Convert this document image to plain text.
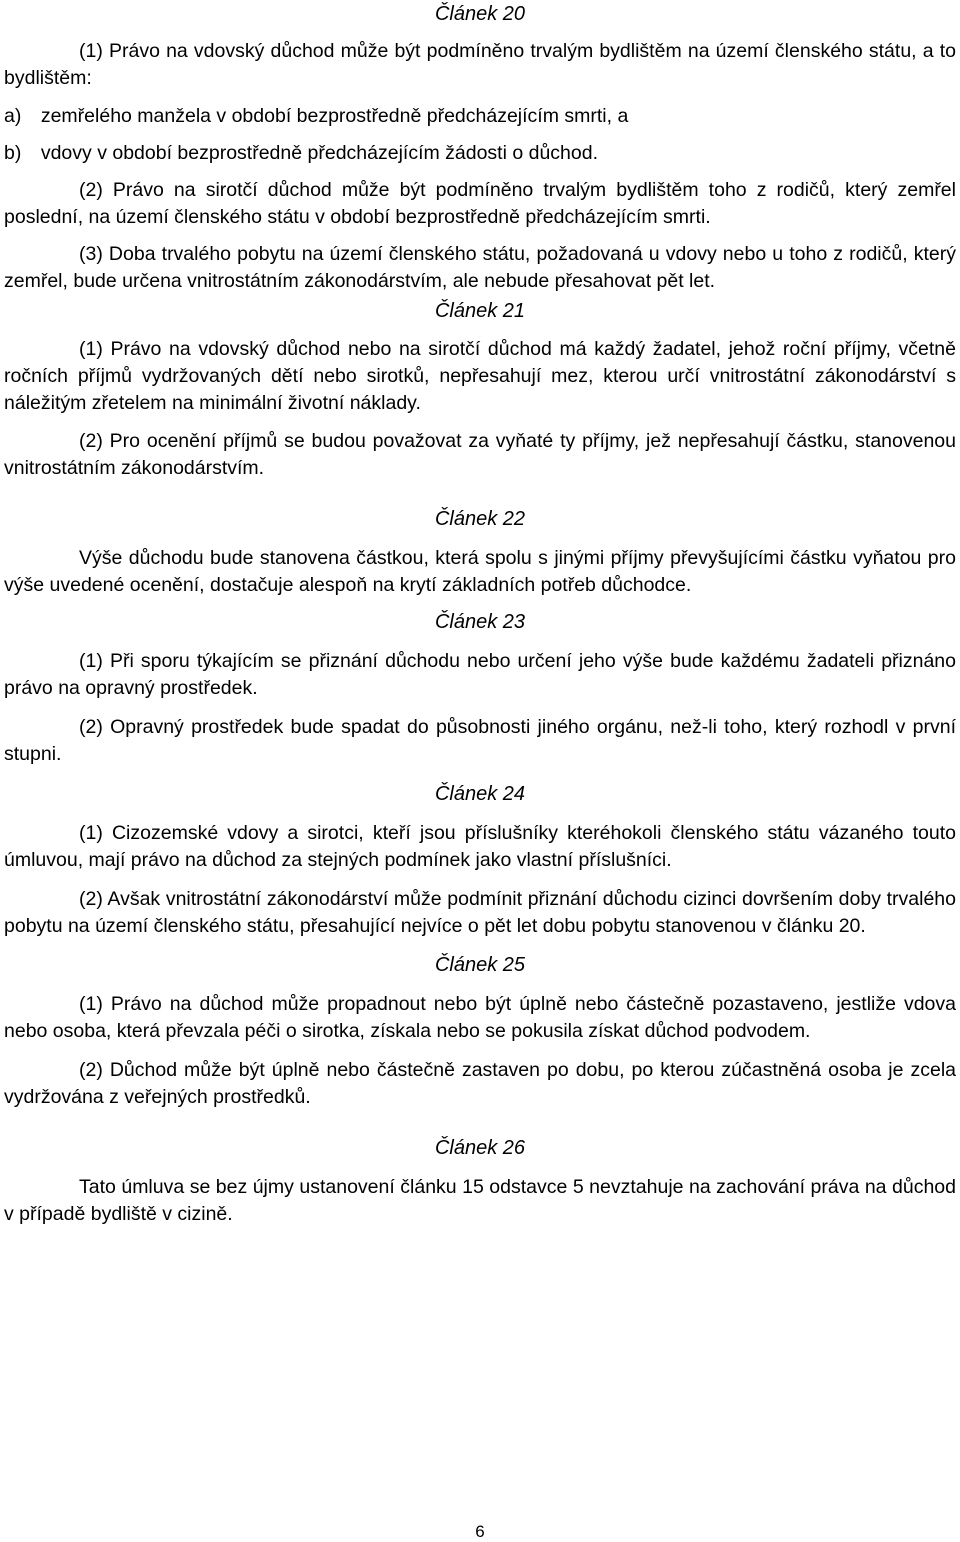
Článek 20

(1) Právo na vdovský důchod může být podmíněno trvalým bydlištěm na území členského státu, a to bydlištěm:

a) zemřelého manžela v období bezprostředně předcházejícím smrti, a

b) vdovy v období bezprostředně předcházejícím žádosti o důchod.

(2) Právo na sirotčí důchod může být podmíněno trvalým bydlištěm toho z rodičů, který zemřel poslední, na území členského státu v období bezprostředně předcházejícím smrti.

(3) Doba trvalého pobytu na území členského státu, požadovaná u vdovy nebo u toho z rodičů, který zemřel, bude určena vnitrostátním zákonodárstvím, ale nebude přesahovat pět let.

Článek 21

(1) Právo na vdovský důchod nebo na sirotčí důchod má každý žadatel, jehož roční příjmy, včetně ročních příjmů vydržovaných dětí nebo sirotků, nepřesahují mez, kterou určí vnitrostátní zákonodárství s náležitým zřetelem na minimální životní náklady.

(2) Pro ocenění příjmů se budou považovat za vyňaté ty příjmy, jež nepřesahují částku, stanovenou vnitrostátním zákonodárstvím.

Článek 22

Výše důchodu bude stanovena částkou, která spolu s jinými příjmy převyšujícími částku vyňatou pro výše uvedené ocenění, dostačuje alespoň na krytí základních potřeb důchodce.

Článek 23

(1) Při sporu týkajícím se přiznání důchodu nebo určení jeho výše bude každému žadateli přiznáno právo na opravný prostředek.

(2) Opravný prostředek bude spadat do působnosti jiného orgánu, než-li toho, který rozhodl v první stupni.

Článek 24

(1) Cizozemské vdovy a sirotci, kteří jsou příslušníky kteréhokoli členského státu vázaného touto úmluvou, mají právo na důchod za stejných podmínek jako vlastní příslušníci.

(2) Avšak vnitrostátní zákonodárství může podmínit přiznání důchodu cizinci dovršením doby trvalého pobytu na území členského státu, přesahující nejvíce o pět let dobu pobytu stanovenou v článku 20.

Článek 25

(1) Právo na důchod může propadnout nebo být úplně nebo částečně pozastaveno, jestliže vdova nebo osoba, která převzala péči o sirotka, získala nebo se pokusila získat důchod podvodem.

(2) Důchod může být úplně nebo částečně zastaven po dobu, po kterou zúčastněná osoba je zcela vydržována z veřejných prostředků.

Článek 26

Tato úmluva se bez újmy ustanovení článku 15 odstavce 5 nevztahuje na zachování práva na důchod v případě bydliště v cizině.

6
